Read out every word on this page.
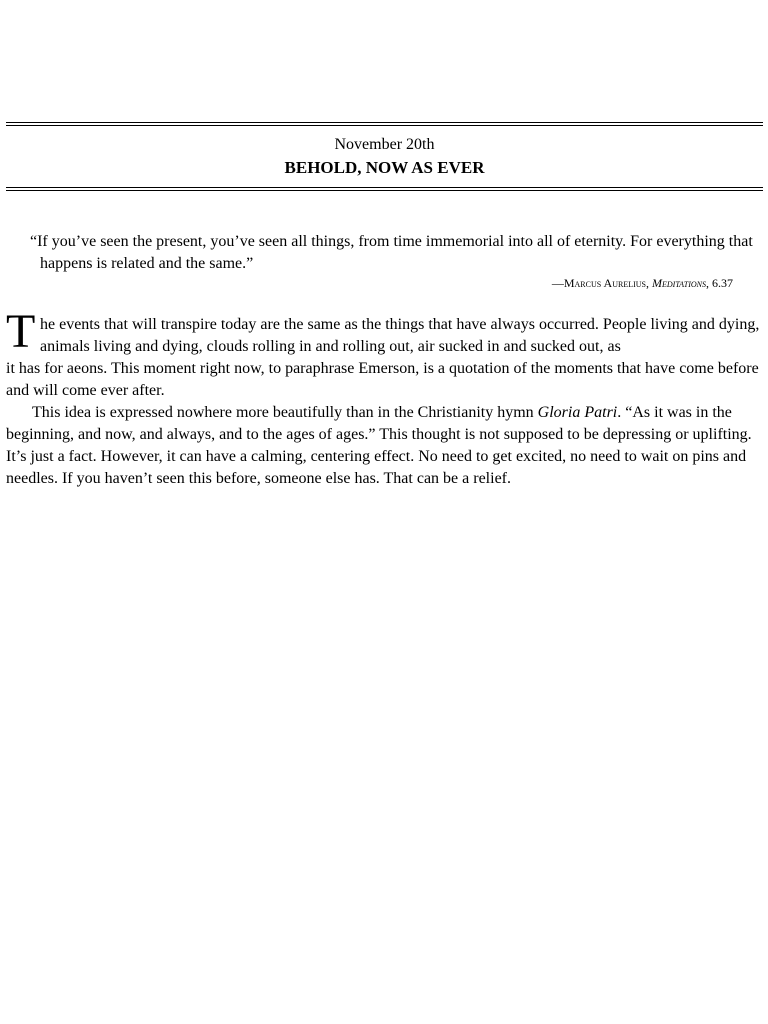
November 20th
BEHOLD, NOW AS EVER
“If you’ve seen the present, you’ve seen all things, from time immemorial into all of eternity. For everything that happens is related and the same.”
—Marcus Aurelius, Meditations, 6.37

T he events that will transpire today are the same as the things that have always occurred. People living and dying, animals living and dying, clouds rolling in and rolling out, air sucked in and sucked out, as
it has for aeons. This moment right now, to paraphrase Emerson, is a quotation of the moments that have come before and will come ever after.

This idea is expressed nowhere more beautifully than in the Christianity hymn Gloria Patri. “As it was in the beginning, and now, and always, and to the ages of ages.” This thought is not supposed to be depressing or uplifting. It’s just a fact. However, it can have a calming, centering effect. No need to get excited, no need to wait on pins and needles. If you haven’t seen this before, someone else has. That can be a relief.
